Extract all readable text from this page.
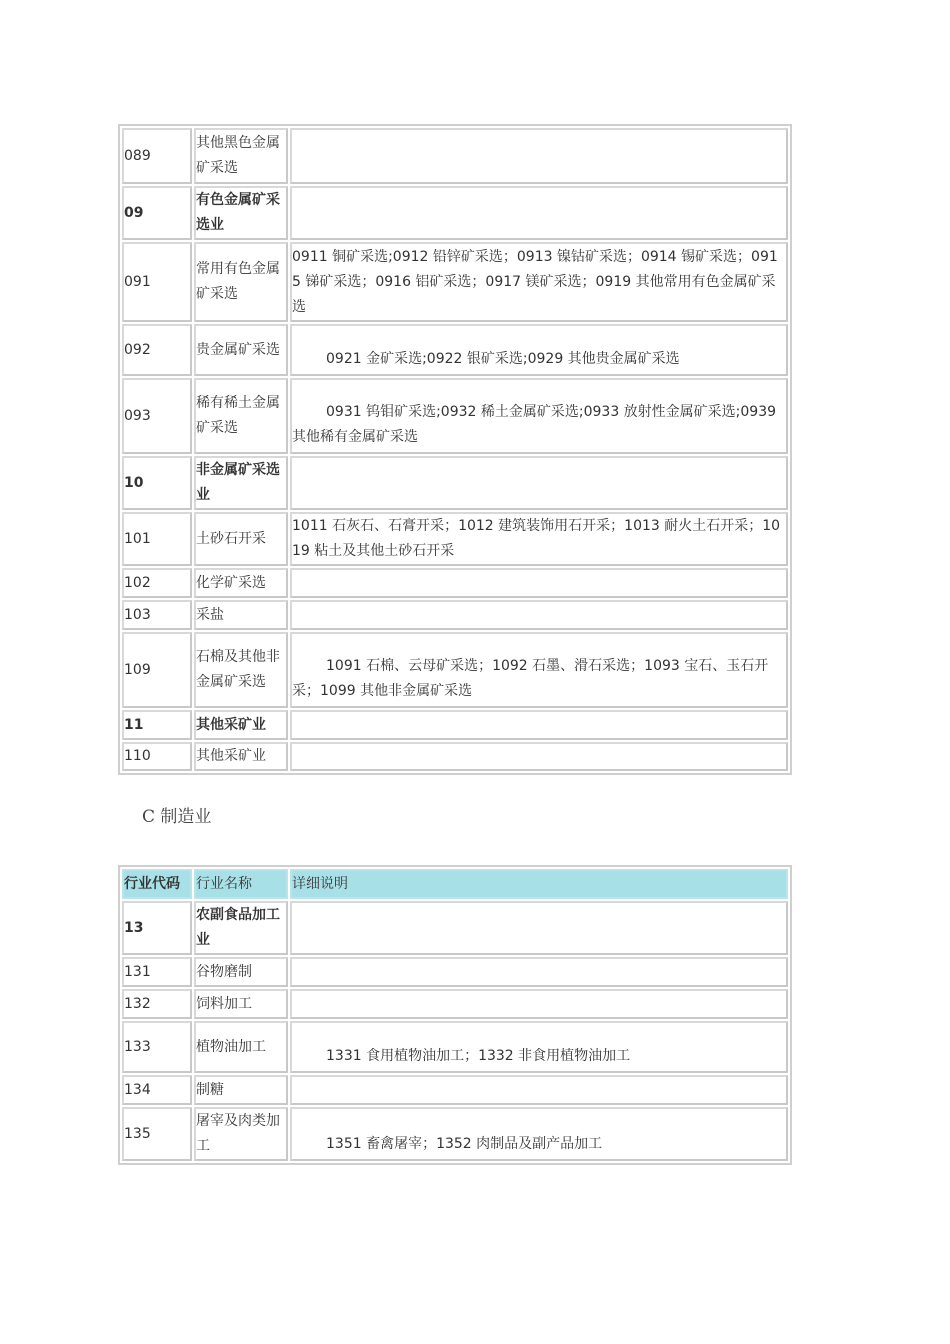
089	其他黑色金属矿采选	
09	有色金属矿采选业	
091	常用有色金属矿采选	0911 铜矿采选;0912 铅锌矿采选；0913 镍钴矿采选；0914 锡矿采选；0915 锑矿采选；0916 铝矿采选；0917 镁矿采选；0919 其他常用有色金属矿采选
092	贵金属矿采选	0921 金矿采选;0922 银矿采选;0929 其他贵金属矿采选
093	稀有稀土金属矿采选	0931 钨钼矿采选;0932 稀土金属矿采选;0933 放射性金属矿采选;0939 其他稀有金属矿采选
10	非金属矿采选业	
101	土砂石开采	1011 石灰石、石膏开采；1012 建筑装饰用石开采；1013 耐火土石开采；1019 粘土及其他土砂石开采
102	化学矿采选	
103	采盐	
109	石棉及其他非金属矿采选	1091 石棉、云母矿采选；1092 石墨、滑石采选；1093 宝石、玉石开采；1099 其他非金属矿采选
11	其他采矿业	
110	其他采矿业	

C 制造业

行业代码	行业名称	详细说明
13	农副食品加工业	
131	谷物磨制	
132	饲料加工	
133	植物油加工	1331 食用植物油加工；1332 非食用植物油加工
134	制糖	
135	屠宰及肉类加工	1351 畜禽屠宰；1352 肉制品及副产品加工
